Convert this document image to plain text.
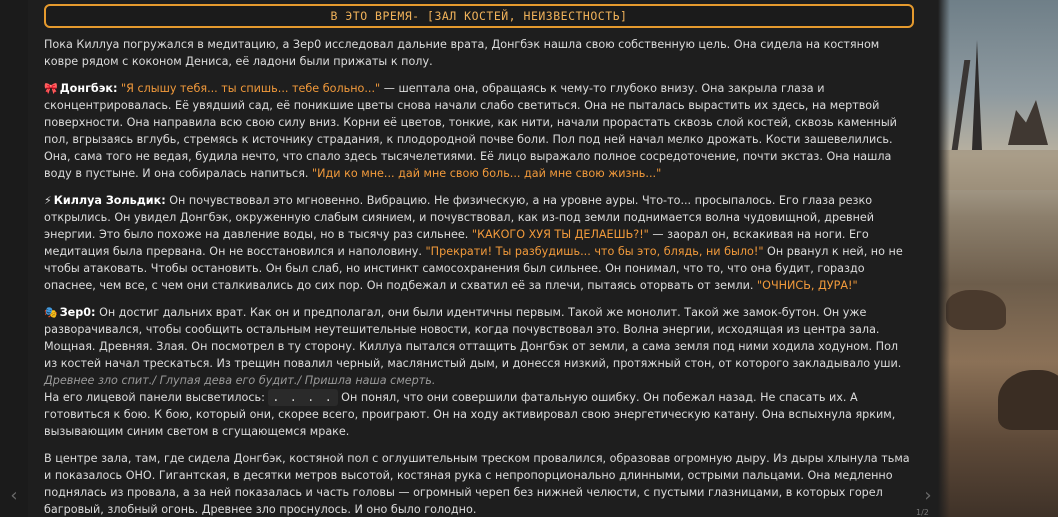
В ЭТО ВРЕМЯ- [ЗАЛ КОСТЕЙ, НЕИЗВЕСТНОСТЬ]

Пока Киллуа погружался в медитацию, а Зер0 исследовал дальние врата, Донгбэк нашла свою собственную цель. Она сидела на костяном ковре рядом с коконом Дениса, её ладони были прижаты к полу.

🎀 Донгбэк: "Я слышу тебя... ты спишь... тебе больно..." — шептала она, обращаясь к чему-то глубоко внизу. Она закрыла глаза и сконцентрировалась. Её увядший сад, её поникшие цветы снова начали слабо светиться. Она не пыталась вырастить их здесь, на мертвой поверхности. Она направила всю свою силу вниз. Корни её цветов, тонкие, как нити, начали прорастать сквозь слой костей, сквозь каменный пол, вгрызаясь вглубь, стремясь к источнику страдания, к плодородной почве боли. Пол под ней начал мелко дрожать. Кости зашевелились. Она, сама того не ведая, будила нечто, что спало здесь тысячелетиями. Её лицо выражало полное сосредоточение, почти экстаз. Она нашла воду в пустыне. И она собиралась напиться. "Иди ко мне... дай мне свою боль... дай мне свою жизнь..."

⚡ Киллуа Зольдик: Он почувствовал это мгновенно. Вибрацию. Не физическую, а на уровне ауры. Что-то... просыпалось. Его глаза резко открылись. Он увидел Донгбэк, окруженную слабым сиянием, и почувствовал, как из-под земли поднимается волна чудовищной, древней энергии. Это было похоже на давление воды, но в тысячу раз сильнее. "КАКОГО ХУЯ ТЫ ДЕЛАЕШЬ?!" — заорал он, вскакивая на ноги. Его медитация была прервана. Он не восстановился и наполовину. "Прекрати! Ты разбудишь... что бы это, блядь, ни было!" Он рванул к ней, но не чтобы атаковать. Чтобы остановить. Он был слаб, но инстинкт самосохранения был сильнее. Он понимал, что то, что она будит, гораздо опаснее, чем все, с чем они сталкивались до сих пор. Он подбежал и схватил её за плечи, пытаясь оторвать от земли. "ОЧНИСЬ, ДУРА!"

🎭 Зер0: Он достиг дальних врат. Как он и предполагал, они были идентичны первым. Такой же монолит. Такой же замок-бутон. Он уже разворачивался, чтобы сообщить остальным неутешительные новости, когда почувствовал это. Волна энергии, исходящая из центра зала. Мощная. Древняя. Злая. Он посмотрел в ту сторону. Киллуа пытался оттащить Донгбэк от земли, а сама земля под ними ходила ходуном. Пол из костей начал трескаться. Из трещин повалил черный, маслянистый дым, и донесся низкий, протяжный стон, от которого закладывало уши.
Древнее зло спит./ Глупая дева его будит./ Пришла наша смерть.
На его лицевой панели высветилось: . . . . Он понял, что они совершили фатальную ошибку. Он побежал назад. Не спасать их. А готовиться к бою. К бою, который они, скорее всего, проиграют. Он на ходу активировал свою энергетическую катану. Она вспыхнула ярким, вызывающим синим светом в сгущающемся мраке.

В центре зала, там, где сидела Донгбэк, костяной пол с оглушительным треском провалился, образовав огромную дыру. Из дыры хлынула тьма и показалось ОНО. Гигантская, в десятки метров высотой, костяная рука с непропорционально длинными, острыми пальцами. Она медленно поднялась из провала, а за ней показалась и часть головы — огромный череп без нижней челюсти, с пустыми глазницами, в которых горел багровый, злобный огонь. Древнее зло проснулось. И оно было голодно.

‹	›
1/2
